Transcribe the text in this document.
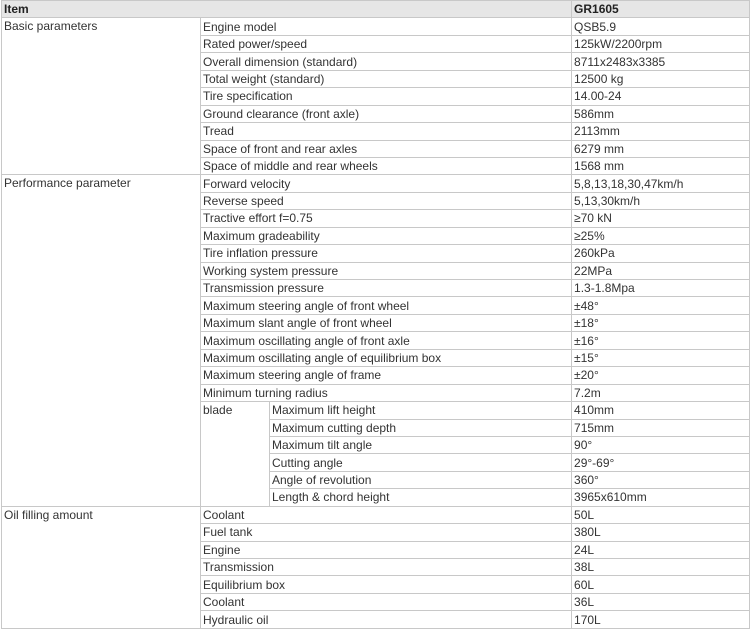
Item			GR1605
Basic parameters	Engine model		QSB5.9
	Rated power/speed		125kW/2200rpm
	Overall dimension (standard)		8711x2483x3385
	Total weight (standard)		12500 kg
	Tire specification		14.00-24
	Ground clearance (front axle)		586mm
	Tread		2113mm
	Space of front and rear axles		6279 mm
	Space of middle and rear wheels		1568 mm
Performance parameter	Forward velocity		5,8,13,18,30,47km/h
	Reverse speed		5,13,30km/h
	Tractive effort f=0.75		≥70 kN
	Maximum gradeability		≥25%
	Tire inflation pressure		260kPa
	Working system pressure		22MPa
	Transmission pressure		1.3-1.8Mpa
	Maximum steering angle of front wheel		±48°
	Maximum slant angle of front wheel		±18°
	Maximum oscillating angle of front axle		±16°
	Maximum oscillating angle of equilibrium box		±15°
	Maximum steering angle of frame		±20°
	Minimum turning radius		7.2m
	blade	Maximum lift height	410mm
		Maximum cutting depth	715mm
		Maximum tilt angle	90°
		Cutting angle	29°-69°
		Angle of revolution	360°
		Length & chord height	3965x610mm
Oil filling amount	Coolant		50L
	Fuel tank		380L
	Engine		24L
	Transmission		38L
	Equilibrium box		60L
	Coolant		36L
	Hydraulic oil		170L
